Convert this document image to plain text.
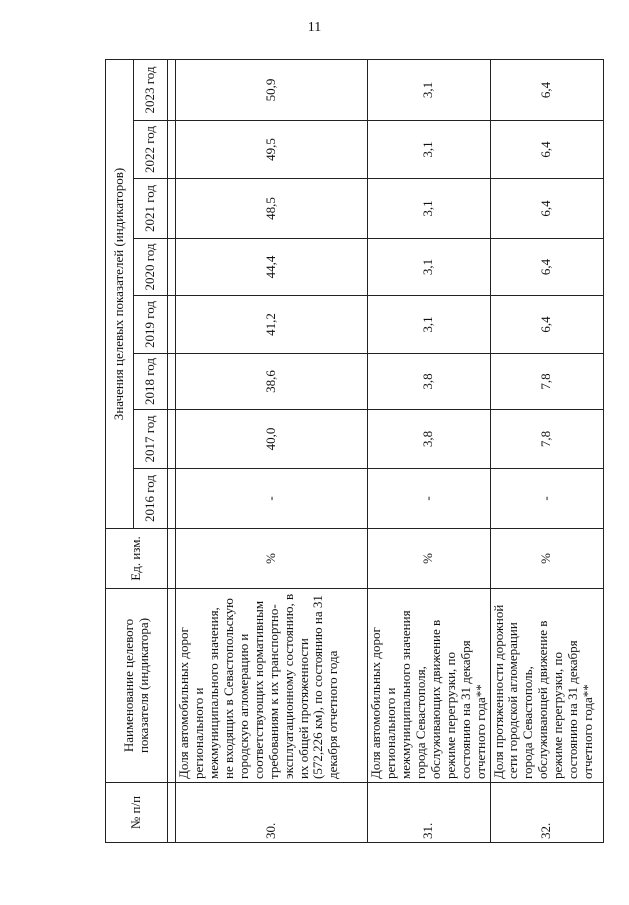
11
№ п/п	Наименование целевого показателя (индикатора)	Ед. изм.	Значения целевых показателей (индикаторов)							
			2016 год	2017 год	2018 год	2019 год	2020 год	2021 год	2022 год	2023 год

30.	Доля автомобильных дорог регионального и межмуниципального значения, не входящих в Севастопольскую городскую агломерацию и соответствующих нормативным требованиям к их транспортно-эксплуатационному состоянию, в их общей протяженности (572,226 км), по состоянию на 31 декабря отчетного года	%	-	40,0	38,6	41,2	44,4	48,5	49,5	50,9
31.	Доля автомобильных дорог регионального и межмуниципального значения города Севастополя, обслуживающих движение в режиме перегрузки, по состоянию на 31 декабря отчетного года**	%	-	3,8	3,8	3,1	3,1	3,1	3,1	3,1
32.	Доля протяженности дорожной сети городской агломерации города Севастополь, обслуживающей движение в режиме перегрузки, по состоянию на 31 декабря отчетного года**	%	-	7,8	7,8	6,4	6,4	6,4	6,4	6,4
